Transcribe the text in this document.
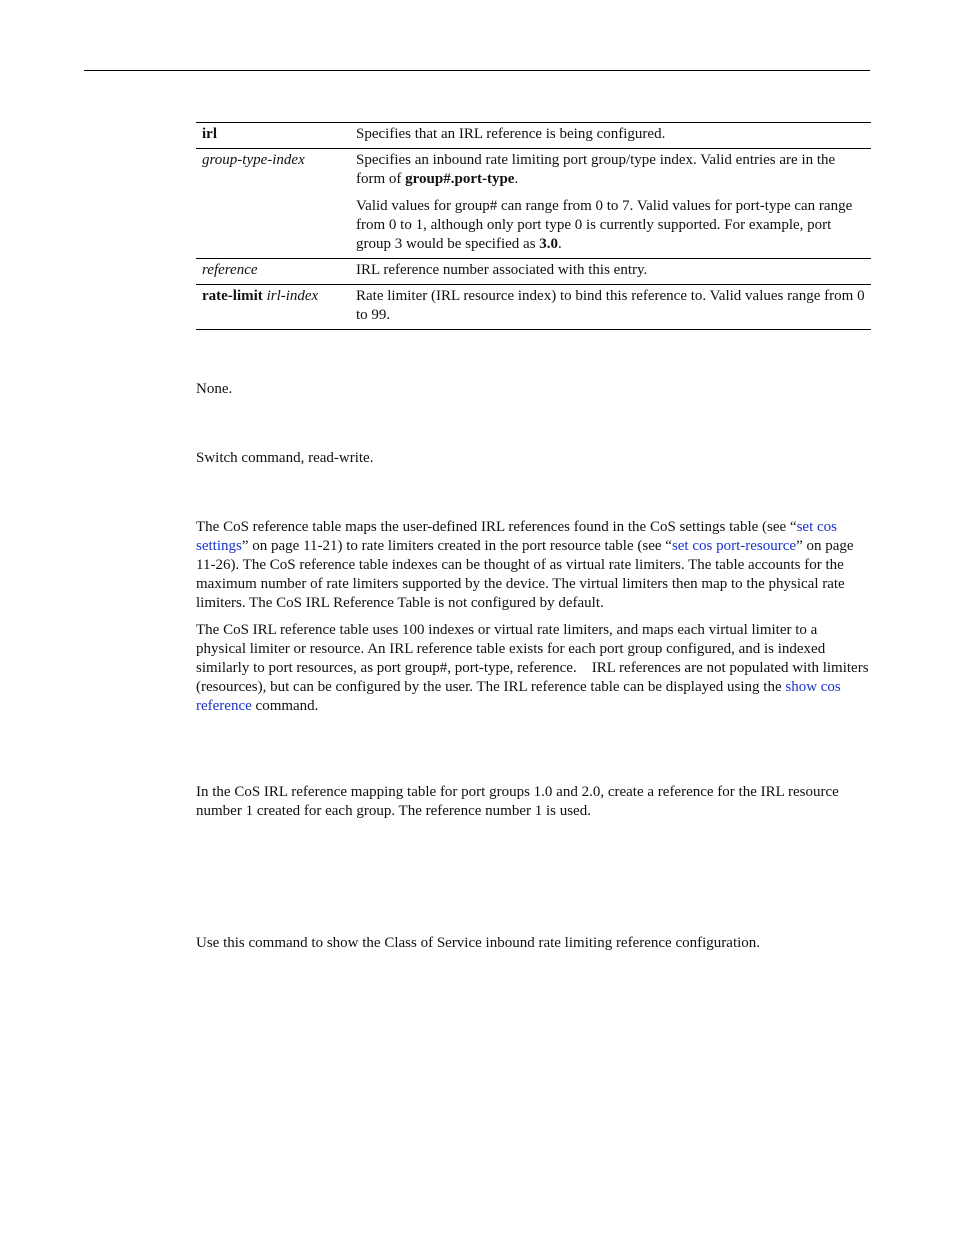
irl	Specifies that an IRL reference is being configured.

group-type-index	Specifies an inbound rate limiting port group/type index. Valid entries are in the form of group#.port-type.

Valid values for group# can range from 0 to 7. Valid values for port-type can range from 0 to 1, although only port type 0 is currently supported. For example, port group 3 would be specified as 3.0.

reference	IRL reference number associated with this entry.

rate-limit irl-index	Rate limiter (IRL resource index) to bind this reference to. Valid values range from 0 to 99.

None.

Switch command, read-write.

The CoS reference table maps the user-defined IRL references found in the CoS settings table (see “set cos settings” on page 11-21) to rate limiters created in the port resource table (see “set cos port-resource” on page 11-26). The CoS reference table indexes can be thought of as virtual rate limiters. The table accounts for the maximum number of rate limiters supported by the device. The virtual limiters then map to the physical rate limiters. The CoS IRL Reference Table is not configured by default.

The CoS IRL reference table uses 100 indexes or virtual rate limiters, and maps each virtual limiter to a physical limiter or resource. An IRL reference table exists for each port group configured, and is indexed similarly to port resources, as port group#, port-type, reference.    IRL references are not populated with limiters (resources), but can be configured by the user. The IRL reference table can be displayed using the show cos reference command.

In the CoS IRL reference mapping table for port groups 1.0 and 2.0, create a reference for the IRL resource number 1 created for each group. The reference number 1 is used.

Use this command to show the Class of Service inbound rate limiting reference configuration.
